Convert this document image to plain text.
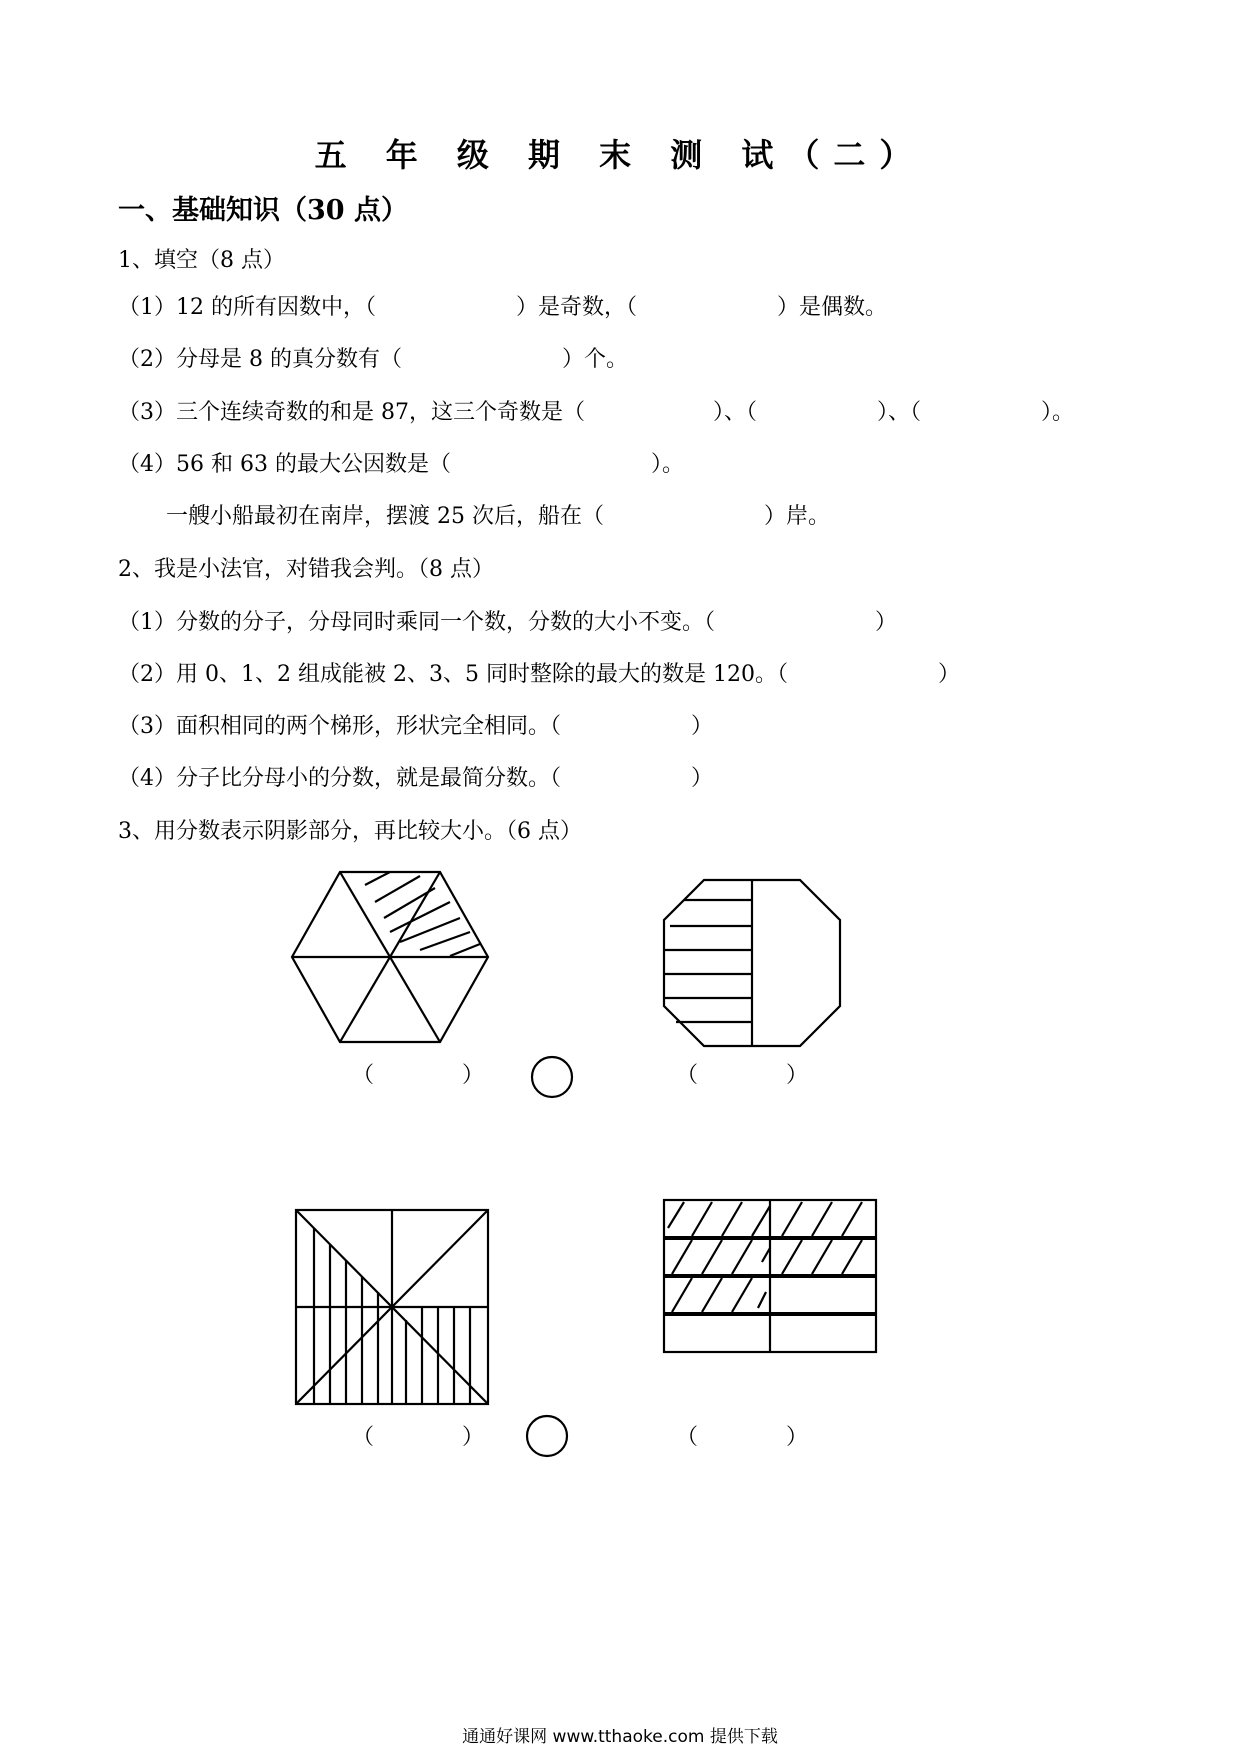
五 年 级 期 末 测 试（二）
一、基础知识（30 点）
1、填空（8 点）
（1）12 的所有因数中，（	）是奇数，（	）是偶数。
（2）分母是 8 的真分数有（	）个。
（3）三个连续奇数的和是 87，这三个奇数是（	）、（	）、（	）。
（4）56 和 63 的最大公因数是（	）。
一艘小船最初在南岸，摆渡 25 次后，船在（	）岸。
2、我是小法官，对错我会判。（8 点）
（1）分数的分子，分母同时乘同一个数，分数的大小不变。（	）
（2）用 0、1、2 组成能被 2、3、5 同时整除的最大的数是 120。（	）
（3）面积相同的两个梯形，形状完全相同。（	）
（4）分子比分母小的分数，就是最简分数。（	）
3、用分数表示阴影部分，再比较大小。（6 点）
（	）	（	）
（	）	（	）
通通好课网 www.tthaoke.com 提供下载
